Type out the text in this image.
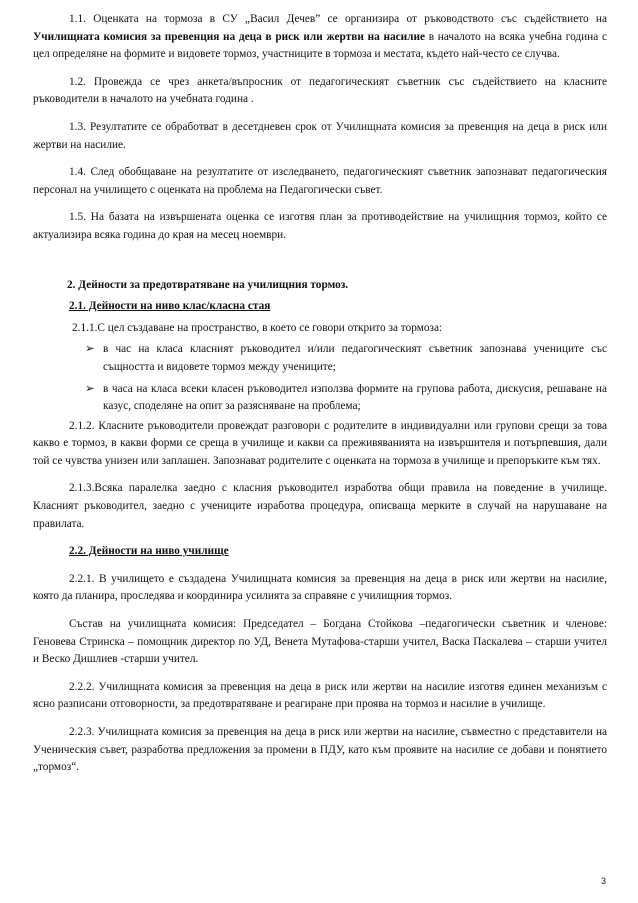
1.1. Оценката на тормоза в СУ „Васил Дечев” се организира от ръководството със съдействието на Училищната комисия за превенция на деца в риск или жертви на насилие в началото на всяка учебна година с цел определяне на формите и видовете тормоз, участниците в тормоза и местата, където най-често се случва.

1.2. Провежда се чрез анкета/въпросник от педагогическият съветник със съдействието на класните ръководители в началото на учебната година .

1.3. Резултатите се обработват в десетдневен срок от Училищната комисия за превенция на деца в риск или жертви на насилие.

1.4. След обобщаване на резултатите от изследването, педагогическият съветник запознават педагогическия персонал на училището с оценката на проблема на Педагогически съвет.

1.5. На базата на извършената оценка се изготвя план за противодействие на училищния тормоз, който се актуализира всяка година до края на месец ноември.

2. Дейности за предотвратяване на училищния тормоз.

2.1. Дейности на ниво клас/класна стая

2.1.1.С цел създаване на пространство, в което се говори открито за тормоза:

➢ в час на класа класният ръководител и/или педагогическият съветник запознава учениците със същността и видовете тормоз между учениците;
➢ в часа на класа всеки класен ръководител използва формите на групова работа, дискусия, решаване на казус, споделяне на опит за разясняване на проблема;

2.1.2. Класните ръководители провеждат разговори с родителите в индивидуални или групови срещи за това какво е тормоз, в какви форми се среща в училище и какви са преживяванията на извършителя и потърпевшия, дали той се чувства унизен или заплашен. Запознават родителите с оценката на тормоза в училище и препоръките към тях.

2.1.3.Всяка паралелка заедно с класния ръководител изработва общи правила на поведение в училище. Класният ръководител, заедно с учениците изработва процедура, описваща мерките в случай на нарушаване на правилата.

2.2. Дейности на ниво училище

2.2.1. В училището е създадена Училищната комисия за превенция на деца в риск или жертви на насилие, която да планира, проследява и координира усилията за справяне с училищния тормоз.

Състав на училищната комисия: Председател – Богдана Стойкова –педагогически съветник и членове: Геновева Стринска – помощник директор по УД, Венета Мутафова-старши учител, Васка Паскалева – старши учител и Веско Дишлиев -старши учител.

2.2.2. Училищната комисия за превенция на деца в риск или жертви на насилие изготвя единен механизъм с ясно разписани отговорности, за предотвратяване и реагиране при проява на тормоз и насилие в училище.

2.2.3. Училищната комисия за превенция на деца в риск или жертви на насилие, съвместно с представители на Ученическия съвет, разработва предложения за промени в ПДУ, като към проявите на насилие се добави и понятието „тормоз“.

3
